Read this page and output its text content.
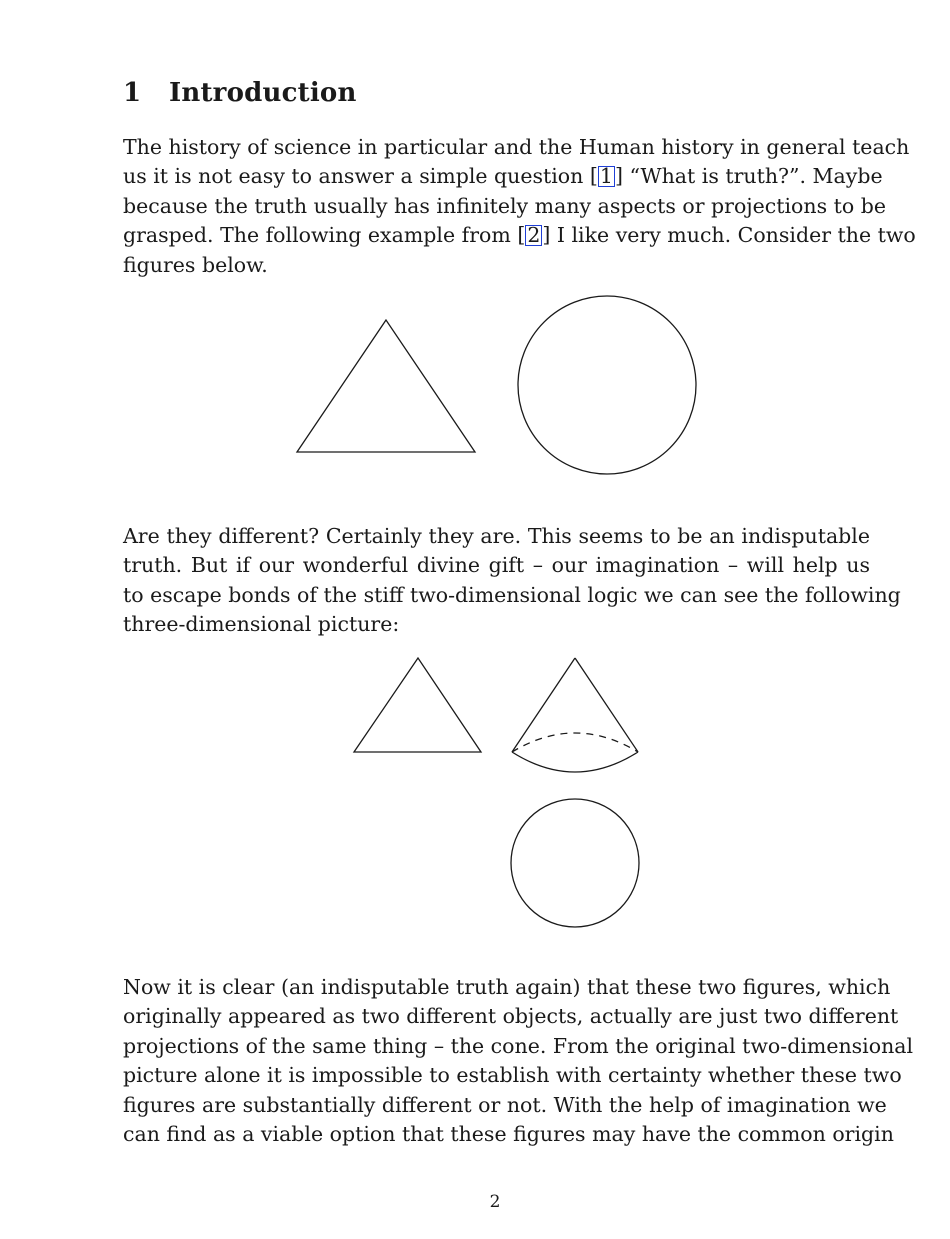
1 Introduction
The history of science in particular and the Human history in general teach
us it is not easy to answer a simple question [1] “What is truth?”. Maybe
because the truth usually has infinitely many aspects or projections to be
grasped. The following example from [2] I like very much. Consider the two
figures below.
Are they different? Certainly they are. This seems to be an indisputable
truth. But if our wonderful divine gift – our imagination – will help us
to escape bonds of the stiff two-dimensional logic we can see the following
three-dimensional picture:
Now it is clear (an indisputable truth again) that these two figures, which
originally appeared as two different objects, actually are just two different
projections of the same thing – the cone. From the original two-dimensional
picture alone it is impossible to establish with certainty whether these two
figures are substantially different or not. With the help of imagination we
can find as a viable option that these figures may have the common origin
2
